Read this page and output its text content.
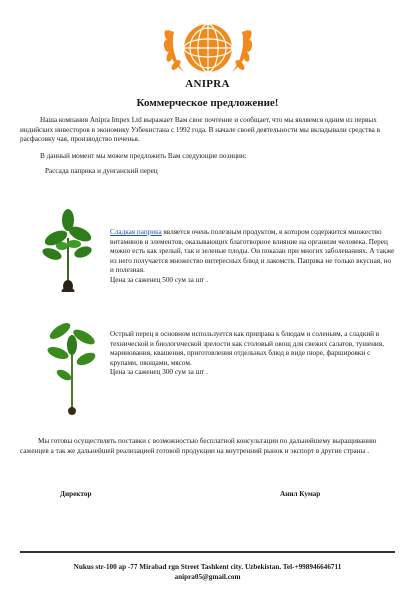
ANIPRA
Коммерческое предложение!
Наша компания Anipra Impex Ltd выражает Вам свое почтение и сообщает, что мы являемся одним из первых индийских инвесторов в экономику Узбекистана с 1992 года. В начале своей деятельности мы вкладывали средства в расфасовку чая, производство печенья.
В данный момент мы можем предложить Вам следующие позиции:
Рассада паприка и дунганский перец
Сладкая паприка является очень полезным продуктом, в котором содержится множество витаминов и элементов, оказывающих благотворное влияние на организм человека. Перец можно есть как зрелый, так и зеленые плоды. Он показан при многих заболеваниях. А также из него получается множество интересных блюд и лакомств. Паприка не только вкусная, но и полезная.
Цена за саженец 500 сум за шт .
Острый перец в основном используется как приправа к блюдам и соленьям, а сладкий в технической и биологической зрелости как столовый овощ для свежих салатов, тушения, маринования, квашения, приготовления отдельных блюд в виде пюре, фаршировки с крупами, овощами, мясом.
Цена за саженец 300 сум за шт .
Мы готовы осуществлять поставки с возможностью бесплатной консультации по дальнейшему выращиванию саженцев а так же дальнейшей реализацией готовой продукции на внутренний рынок и экспорт в другие страны .
Директор	Анил Кумар
Nukus str-100 ap -77 Mirabad rgn Street Tashkent city. Uzbekistan. Tel-+998946646711
anipra05@gmail.com
